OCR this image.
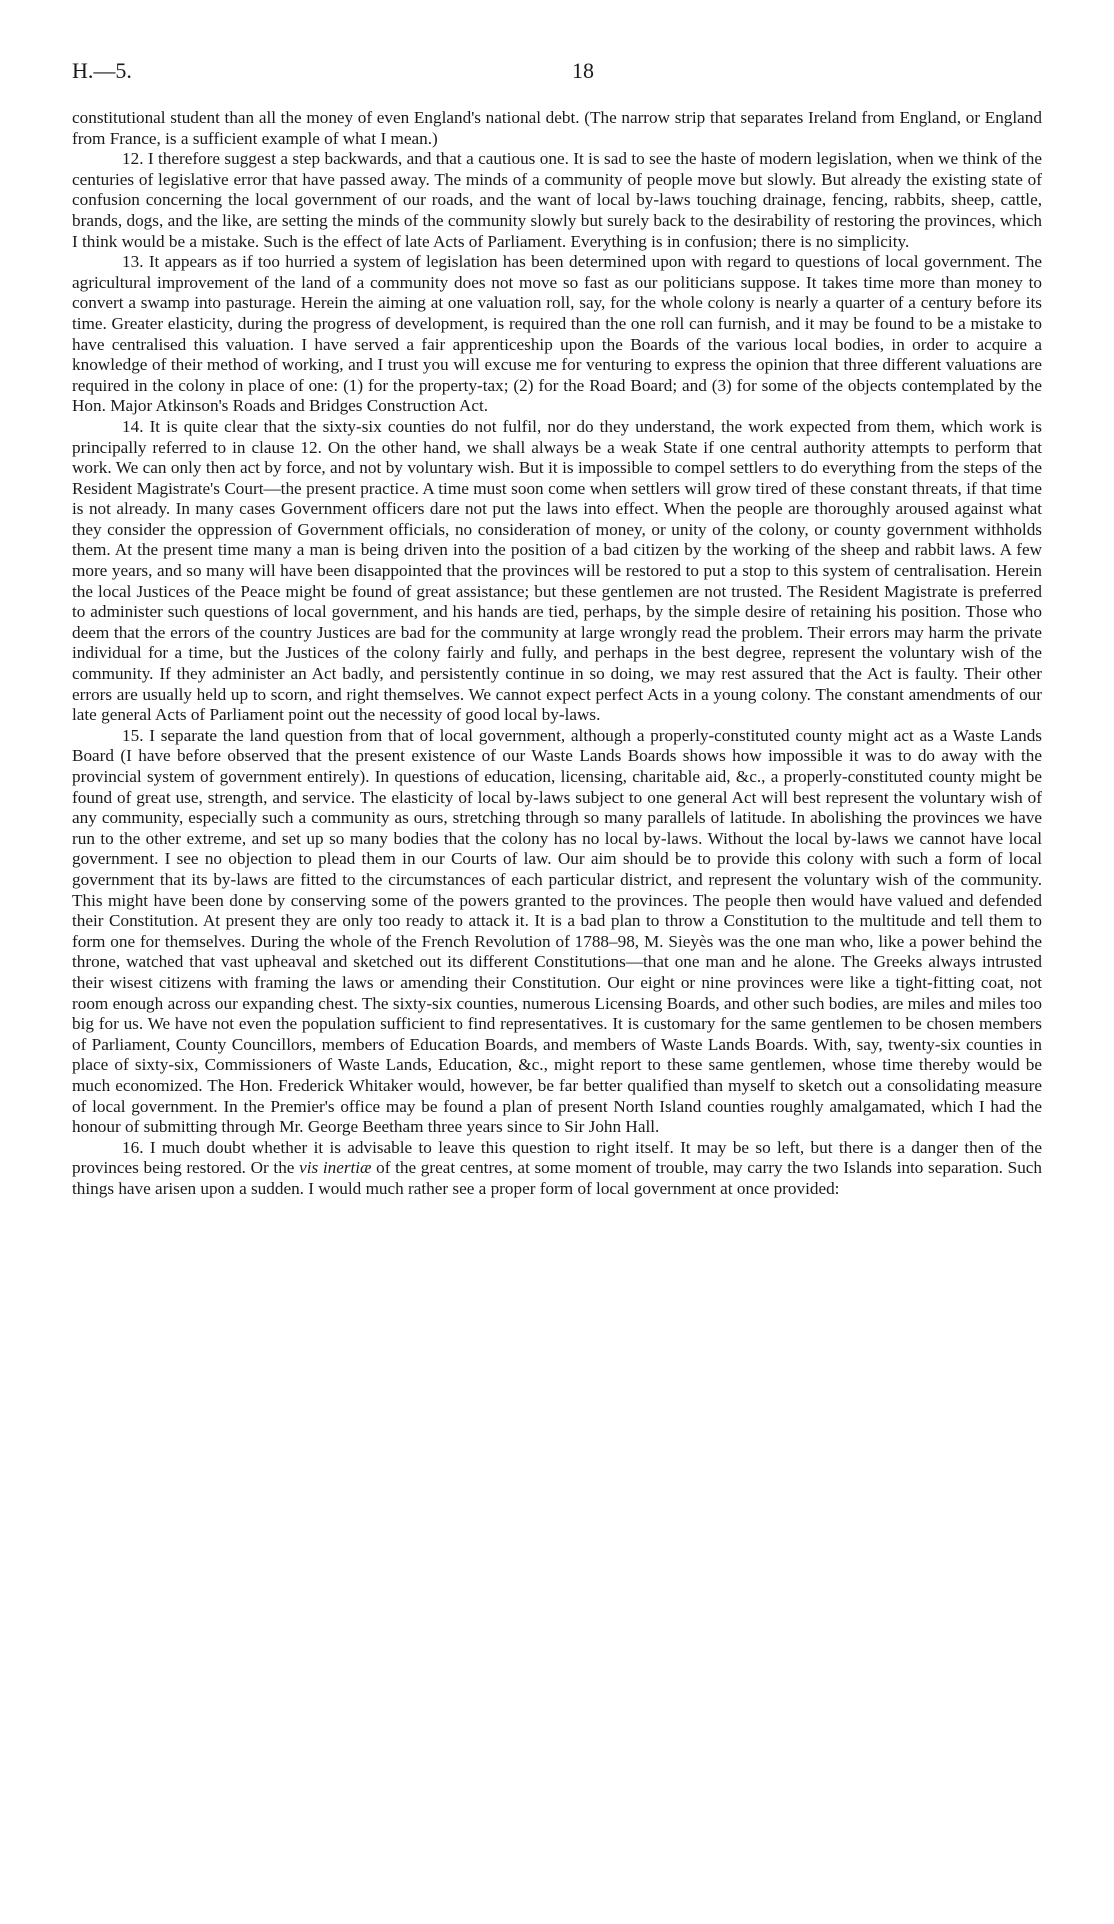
H.—5.	18

constitutional student than all the money of even England's national debt. (The narrow strip that separates Ireland from England, or England from France, is a sufficient example of what I mean.)

12. I therefore suggest a step backwards, and that a cautious one. It is sad to see the haste of modern legislation, when we think of the centuries of legislative error that have passed away. The minds of a community of people move but slowly. But already the existing state of confusion concerning the local government of our roads, and the want of local by-laws touching drainage, fencing, rabbits, sheep, cattle, brands, dogs, and the like, are setting the minds of the community slowly but surely back to the desirability of restoring the provinces, which I think would be a mistake. Such is the effect of late Acts of Parliament. Everything is in confusion; there is no simplicity.

13. It appears as if too hurried a system of legislation has been determined upon with regard to questions of local government. The agricultural improvement of the land of a community does not move so fast as our politicians suppose. It takes time more than money to convert a swamp into pasturage. Herein the aiming at one valuation roll, say, for the whole colony is nearly a quarter of a century before its time. Greater elasticity, during the progress of development, is required than the one roll can furnish, and it may be found to be a mistake to have centralised this valuation. I have served a fair apprenticeship upon the Boards of the various local bodies, in order to acquire a knowledge of their method of working, and I trust you will excuse me for venturing to express the opinion that three different valuations are required in the colony in place of one: (1) for the property-tax; (2) for the Road Board; and (3) for some of the objects contemplated by the Hon. Major Atkinson's Roads and Bridges Construction Act.

14. It is quite clear that the sixty-six counties do not fulfil, nor do they understand, the work expected from them, which work is principally referred to in clause 12. On the other hand, we shall always be a weak State if one central authority attempts to perform that work. We can only then act by force, and not by voluntary wish. But it is impossible to compel settlers to do everything from the steps of the Resident Magistrate's Court—the present practice. A time must soon come when settlers will grow tired of these constant threats, if that time is not already. In many cases Government officers dare not put the laws into effect. When the people are thoroughly aroused against what they consider the oppression of Government officials, no consideration of money, or unity of the colony, or county government withholds them. At the present time many a man is being driven into the position of a bad citizen by the working of the sheep and rabbit laws. A few more years, and so many will have been disappointed that the provinces will be restored to put a stop to this system of centralisation. Herein the local Justices of the Peace might be found of great assistance; but these gentlemen are not trusted. The Resident Magistrate is preferred to administer such questions of local government, and his hands are tied, perhaps, by the simple desire of retaining his position. Those who deem that the errors of the country Justices are bad for the community at large wrongly read the problem. Their errors may harm the private individual for a time, but the Justices of the colony fairly and fully, and perhaps in the best degree, represent the voluntary wish of the community. If they administer an Act badly, and persistently continue in so doing, we may rest assured that the Act is faulty. Their other errors are usually held up to scorn, and right themselves. We cannot expect perfect Acts in a young colony. The constant amendments of our late general Acts of Parliament point out the necessity of good local by-laws.

15. I separate the land question from that of local government, although a properly-constituted county might act as a Waste Lands Board (I have before observed that the present existence of our Waste Lands Boards shows how impossible it was to do away with the provincial system of government entirely). In questions of education, licensing, charitable aid, &c., a properly-constituted county might be found of great use, strength, and service. The elasticity of local by-laws subject to one general Act will best represent the voluntary wish of any community, especially such a community as ours, stretching through so many parallels of latitude. In abolishing the provinces we have run to the other extreme, and set up so many bodies that the colony has no local by-laws. Without the local by-laws we cannot have local government. I see no objection to plead them in our Courts of law. Our aim should be to provide this colony with such a form of local government that its by-laws are fitted to the circumstances of each particular district, and represent the voluntary wish of the community. This might have been done by conserving some of the powers granted to the provinces. The people then would have valued and defended their Constitution. At present they are only too ready to attack it. It is a bad plan to throw a Constitution to the multitude and tell them to form one for themselves. During the whole of the French Revolution of 1788–98, M. Sieyès was the one man who, like a power behind the throne, watched that vast upheaval and sketched out its different Constitutions—that one man and he alone. The Greeks always intrusted their wisest citizens with framing the laws or amending their Constitution. Our eight or nine provinces were like a tight-fitting coat, not room enough across our expanding chest. The sixty-six counties, numerous Licensing Boards, and other such bodies, are miles and miles too big for us. We have not even the population sufficient to find representatives. It is customary for the same gentlemen to be chosen members of Parliament, County Councillors, members of Education Boards, and members of Waste Lands Boards. With, say, twenty-six counties in place of sixty-six, Commissioners of Waste Lands, Education, &c., might report to these same gentlemen, whose time thereby would be much economized. The Hon. Frederick Whitaker would, however, be far better qualified than myself to sketch out a consolidating measure of local government. In the Premier's office may be found a plan of present North Island counties roughly amalgamated, which I had the honour of submitting through Mr. George Beetham three years since to Sir John Hall.

16. I much doubt whether it is advisable to leave this question to right itself. It may be so left, but there is a danger then of the provinces being restored. Or the vis inertiæ of the great centres, at some moment of trouble, may carry the two Islands into separation. Such things have arisen upon a sudden. I would much rather see a proper form of local government at once provided:
